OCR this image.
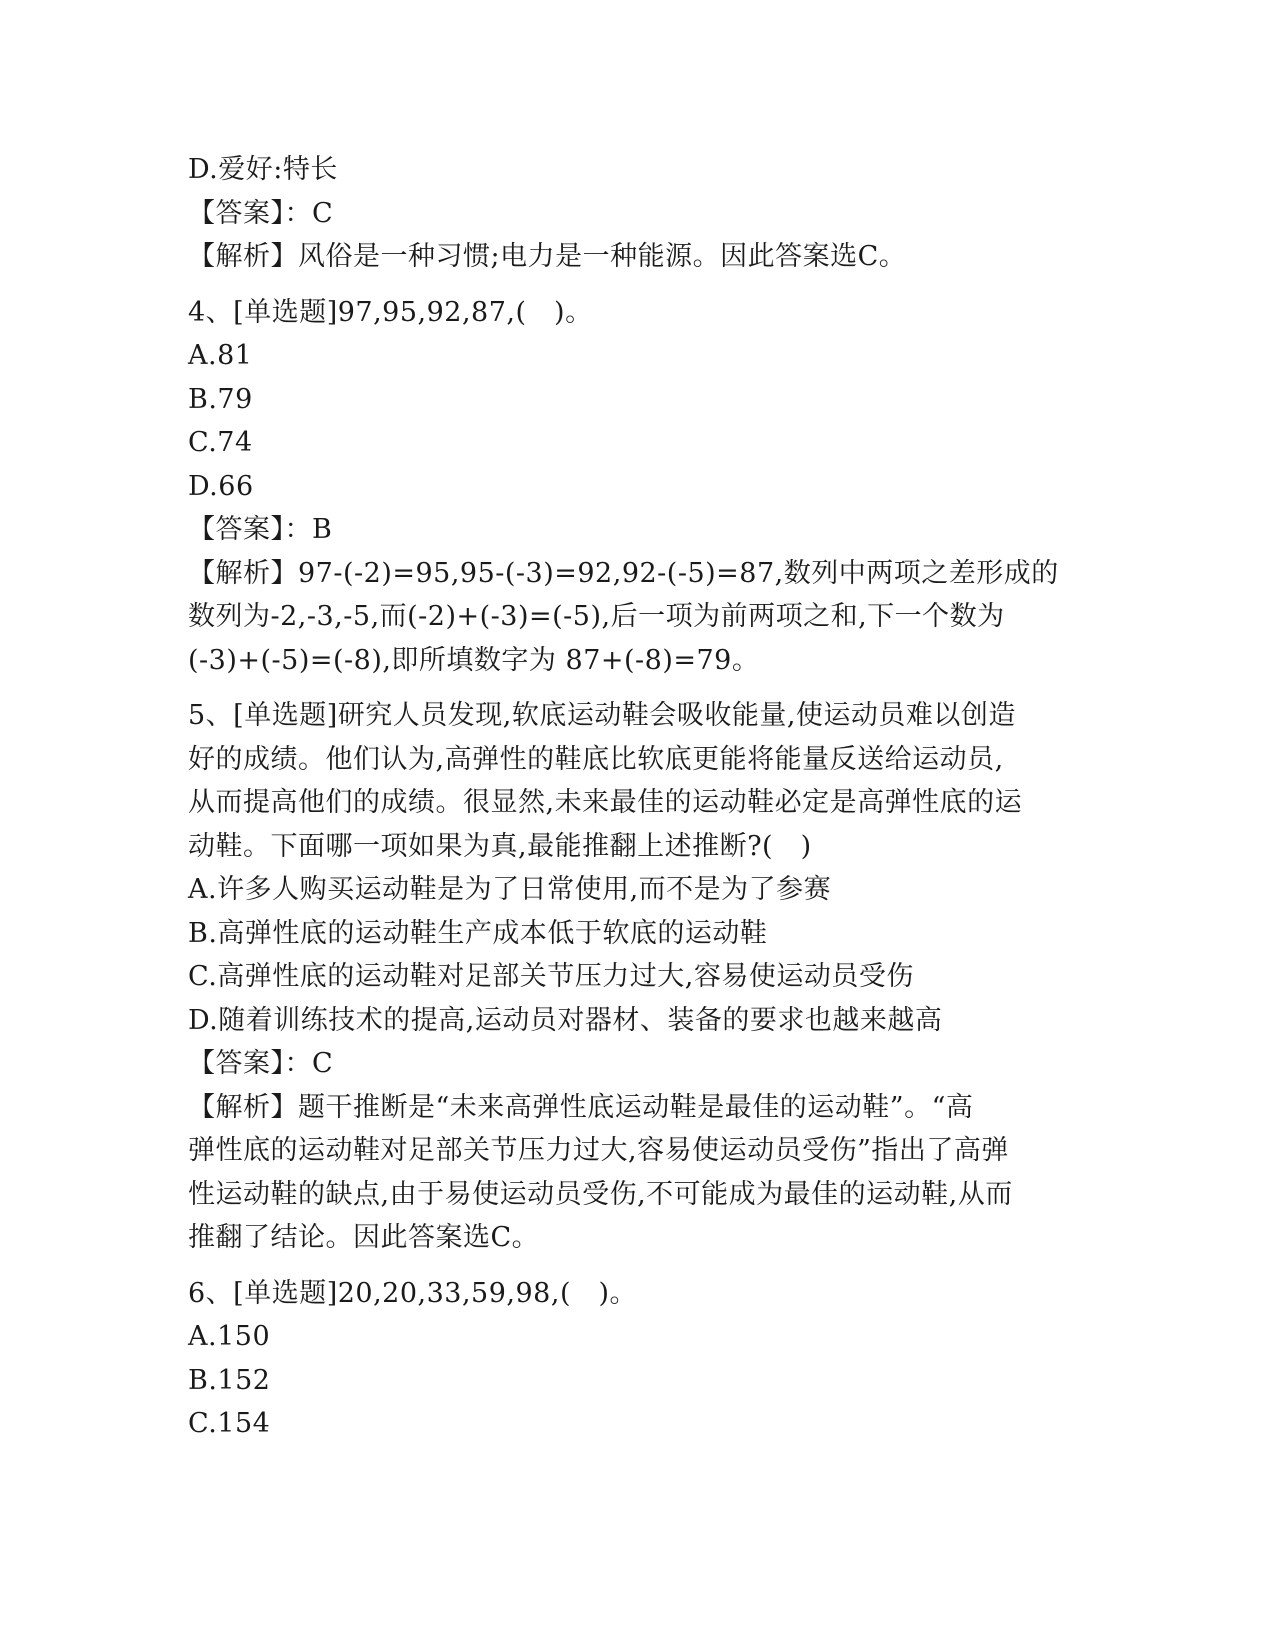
D.爱好:特长
【答案】：C
【解析】风俗是一种习惯;电力是一种能源。因此答案选C。
4、[单选题]97,95,92,87,(　)。
A.81
B.79
C.74
D.66
【答案】：B
【解析】97-(-2)=95,95-(-3)=92,92-(-5)=87,数列中两项之差形成的
数列为-2,-3,-5,而(-2)+(-3)=(-5),后一项为前两项之和,下一个数为
(-3)+(-5)=(-8),即所填数字为 87+(-8)=79。
5、[单选题]研究人员发现,软底运动鞋会吸收能量,使运动员难以创造
好的成绩。他们认为,高弹性的鞋底比软底更能将能量反送给运动员,
从而提高他们的成绩。很显然,未来最佳的运动鞋必定是高弹性底的运
动鞋。下面哪一项如果为真,最能推翻上述推断?(　)
A.许多人购买运动鞋是为了日常使用,而不是为了参赛
B.高弹性底的运动鞋生产成本低于软底的运动鞋
C.高弹性底的运动鞋对足部关节压力过大,容易使运动员受伤
D.随着训练技术的提高,运动员对器材、装备的要求也越来越高
【答案】：C
【解析】题干推断是“未来高弹性底运动鞋是最佳的运动鞋”。“高
弹性底的运动鞋对足部关节压力过大,容易使运动员受伤”指出了高弹
性运动鞋的缺点,由于易使运动员受伤,不可能成为最佳的运动鞋,从而
推翻了结论。因此答案选C。
6、[单选题]20,20,33,59,98,(　)。
A.150
B.152
C.154
